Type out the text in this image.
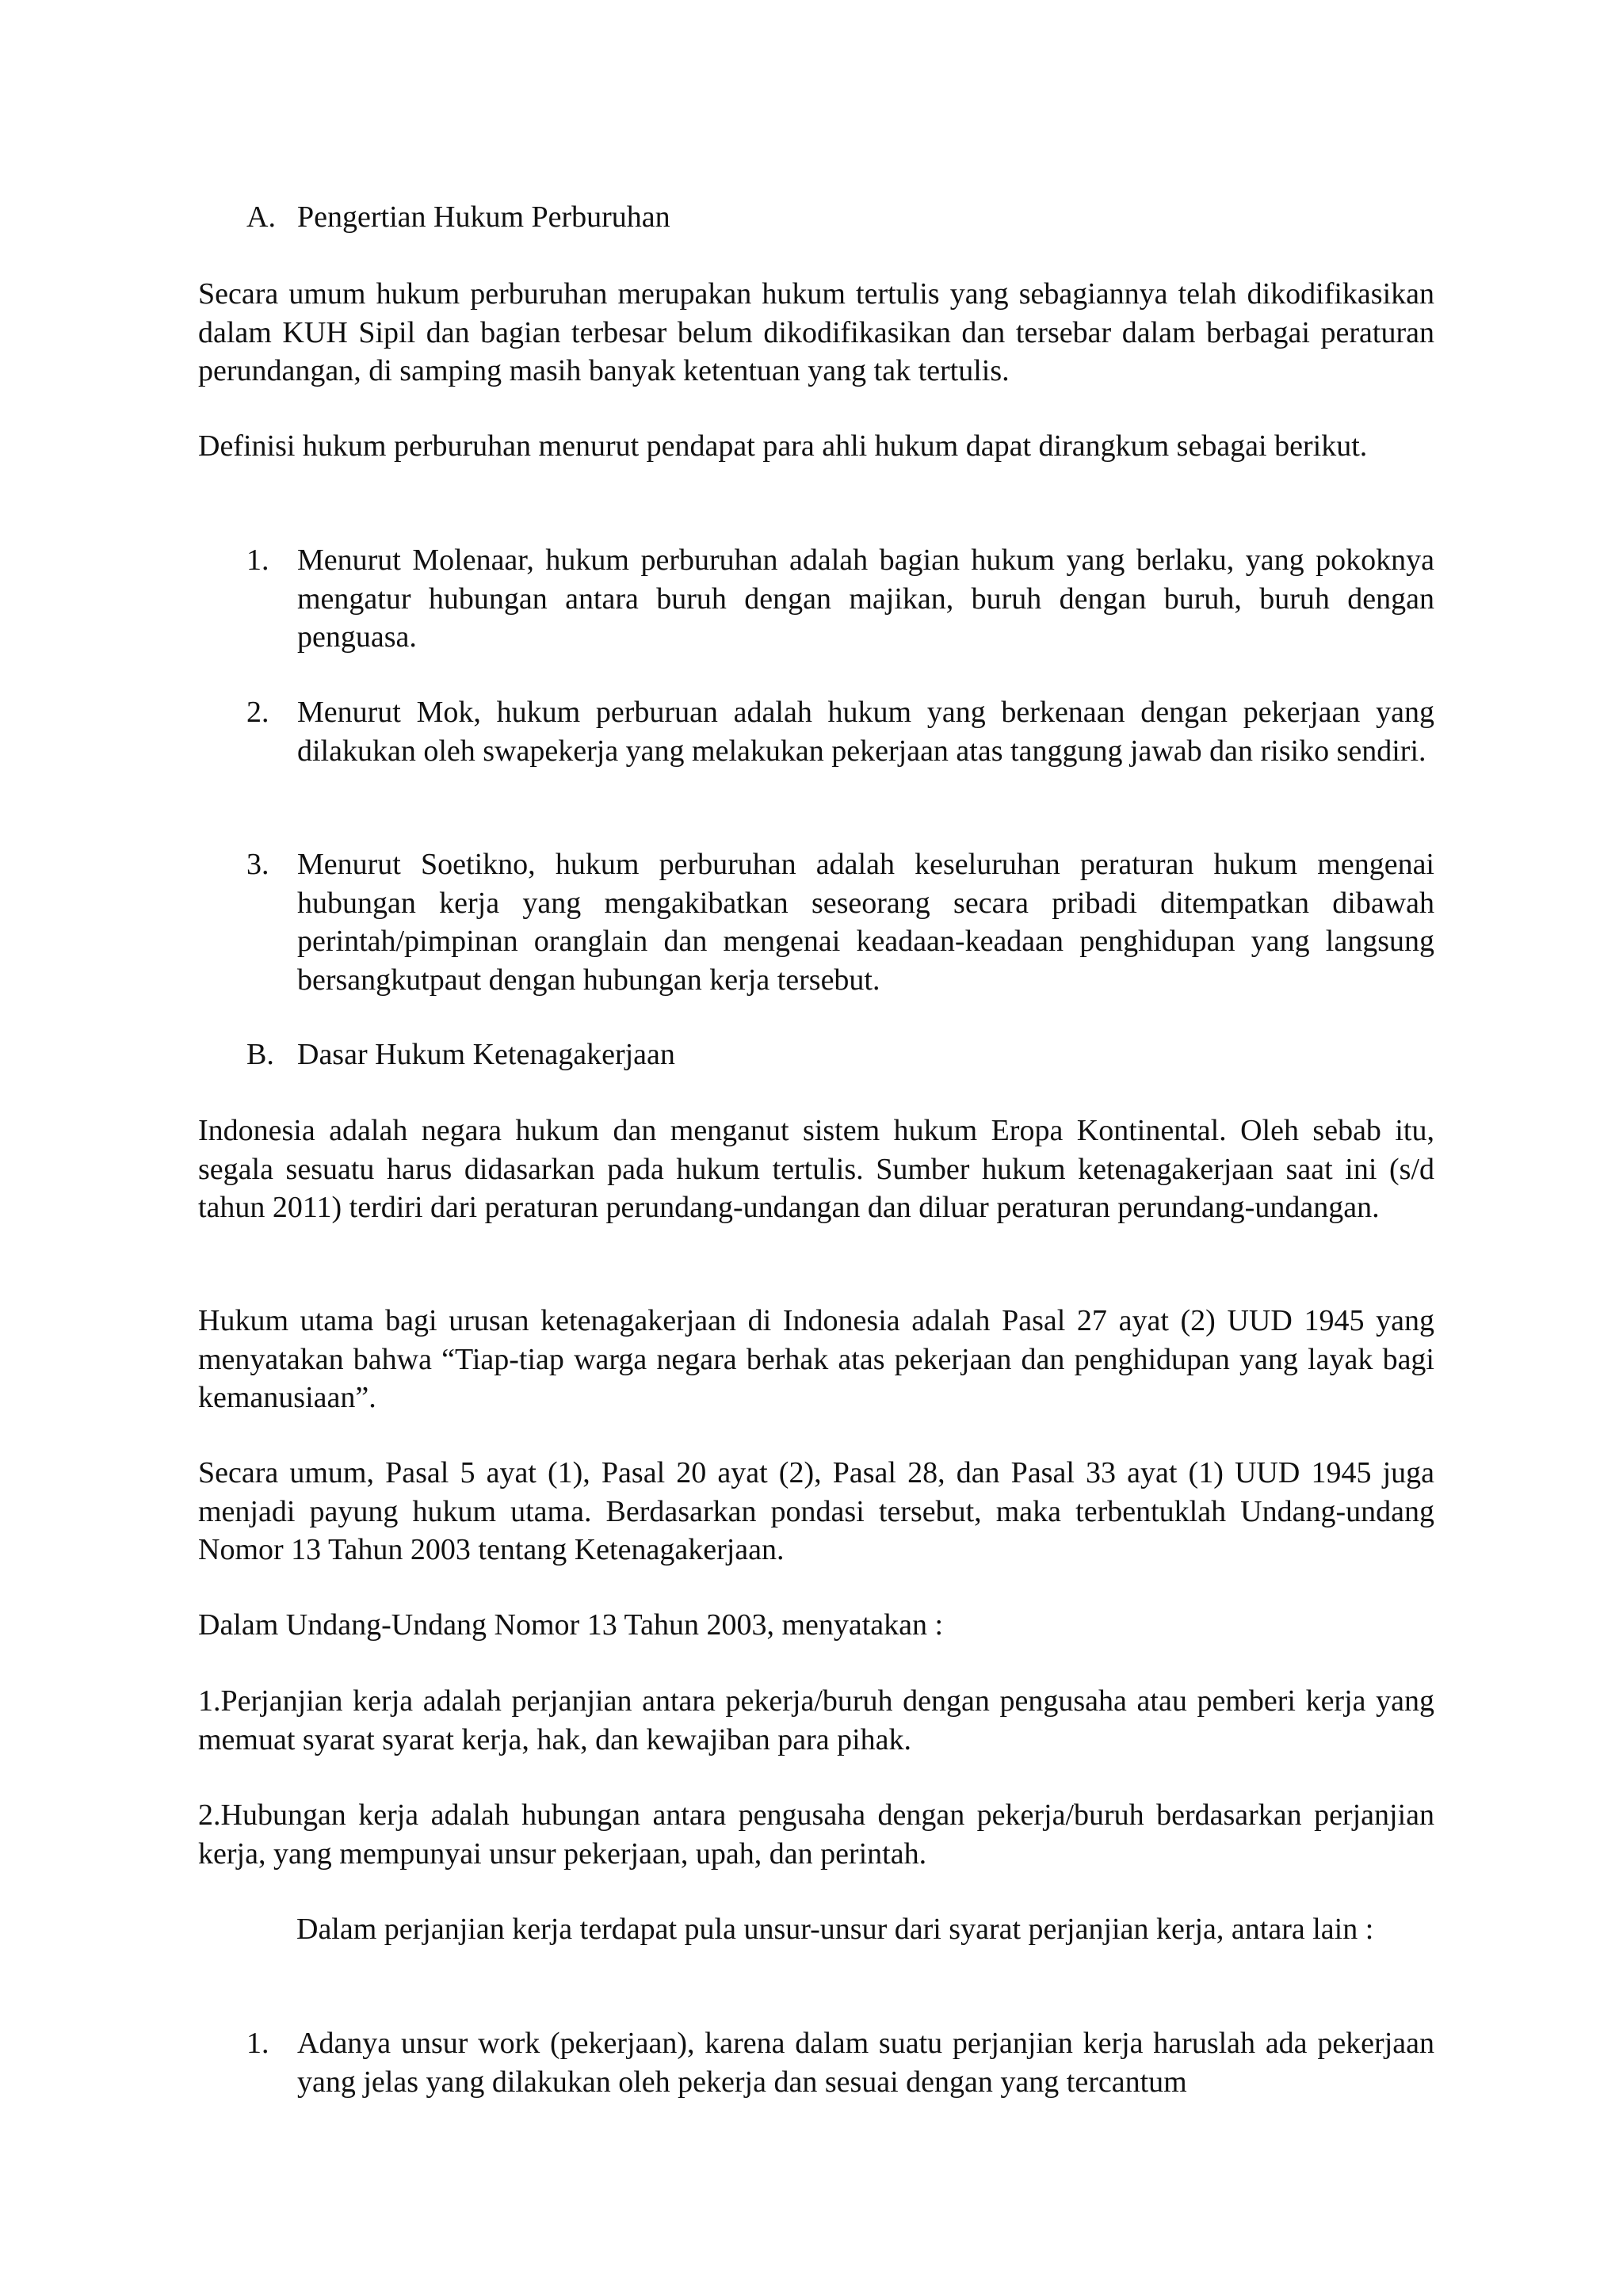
A. Pengertian Hukum Perburuhan

Secara umum hukum perburuhan merupakan hukum tertulis yang sebagiannya telah dikodifikasikan dalam KUH Sipil dan bagian terbesar belum dikodifikasikan dan tersebar dalam berbagai peraturan perundangan, di samping masih banyak ketentuan yang tak tertulis.

Definisi hukum perburuhan menurut pendapat para ahli hukum dapat dirangkum sebagai berikut.

1. Menurut Molenaar, hukum perburuhan adalah bagian hukum yang berlaku, yang pokoknya mengatur hubungan antara buruh dengan majikan, buruh dengan buruh, buruh dengan penguasa.

2. Menurut Mok, hukum perburuan adalah hukum yang berkenaan dengan pekerjaan yang dilakukan oleh swapekerja yang melakukan pekerjaan atas tanggung jawab dan risiko sendiri.

3. Menurut Soetikno, hukum perburuhan adalah keseluruhan peraturan hukum mengenai hubungan kerja yang mengakibatkan seseorang secara pribadi ditempatkan dibawah perintah/pimpinan oranglain dan mengenai keadaan-keadaan penghidupan yang langsung bersangkutpaut dengan hubungan kerja tersebut.

B. Dasar Hukum Ketenagakerjaan

Indonesia adalah negara hukum dan menganut sistem hukum Eropa Kontinental. Oleh sebab itu, segala sesuatu harus didasarkan pada hukum tertulis. Sumber hukum ketenagakerjaan saat ini (s/d tahun 2011) terdiri dari peraturan perundang-undangan dan diluar peraturan perundang-undangan.

Hukum utama bagi urusan ketenagakerjaan di Indonesia adalah Pasal 27 ayat (2) UUD 1945 yang menyatakan bahwa “Tiap-tiap warga negara berhak atas pekerjaan dan penghidupan yang layak bagi kemanusiaan”.

Secara umum, Pasal 5 ayat (1), Pasal 20 ayat (2), Pasal 28, dan Pasal 33 ayat (1) UUD 1945 juga menjadi payung hukum utama. Berdasarkan pondasi tersebut, maka terbentuklah Undang-undang Nomor 13 Tahun 2003 tentang Ketenagakerjaan.

Dalam Undang-Undang Nomor 13 Tahun 2003, menyatakan :

1.Perjanjian kerja adalah perjanjian antara pekerja/buruh dengan pengusaha atau pemberi kerja yang memuat syarat syarat kerja, hak, dan kewajiban para pihak.

2.Hubungan kerja adalah hubungan antara pengusaha dengan pekerja/buruh berdasarkan perjanjian kerja, yang mempunyai unsur pekerjaan, upah, dan perintah.

Dalam perjanjian kerja terdapat pula unsur-unsur dari syarat perjanjian kerja, antara lain :

1. Adanya unsur work (pekerjaan), karena dalam suatu perjanjian kerja haruslah ada pekerjaan yang jelas yang dilakukan oleh pekerja dan sesuai dengan yang tercantum
